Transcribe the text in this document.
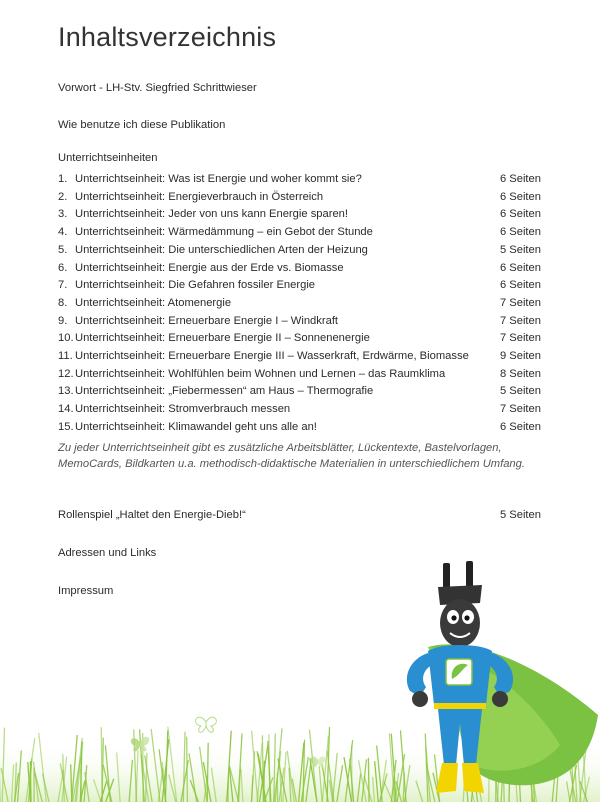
Inhaltsverzeichnis
Vorwort - LH-Stv. Siegfried Schrittwieser
Wie benutze ich diese Publikation
Unterrichtseinheiten
1. Unterrichtseinheit: Was ist Energie und woher kommt sie?	6 Seiten
2. Unterrichtseinheit: Energieverbrauch in Österreich	6 Seiten
3. Unterrichtseinheit: Jeder von uns kann Energie sparen!	6 Seiten
4. Unterrichtseinheit: Wärmedämmung – ein Gebot der Stunde	6 Seiten
5. Unterrichtseinheit: Die unterschiedlichen Arten der Heizung	5 Seiten
6. Unterrichtseinheit: Energie aus der Erde vs. Biomasse	6 Seiten
7. Unterrichtseinheit: Die Gefahren fossiler Energie	6 Seiten
8. Unterrichtseinheit: Atomenergie	7 Seiten
9. Unterrichtseinheit: Erneuerbare Energie I – Windkraft	7 Seiten
10. Unterrichtseinheit: Erneuerbare Energie II – Sonnenenergie	7 Seiten
11. Unterrichtseinheit: Erneuerbare Energie III – Wasserkraft, Erdwärme, Biomasse	9 Seiten
12. Unterrichtseinheit: Wohlfühlen beim Wohnen und Lernen – das Raumklima	8 Seiten
13. Unterrichtseinheit: „Fiebermessen“ am Haus – Thermografie	5 Seiten
14. Unterrichtseinheit: Stromverbrauch messen	7 Seiten
15. Unterrichtseinheit: Klimawandel geht uns alle an!	6 Seiten
Zu jeder Unterrichtseinheit gibt es zusätzliche Arbeitsblätter, Lückentexte, Bastelvorlagen, MemoCards, Bildkarten u.a. methodisch-didaktische Materialien in unterschiedlichem Umfang.
Rollenspiel „Haltet den Energie-Dieb!“	5 Seiten
Adressen und Links
Impressum
